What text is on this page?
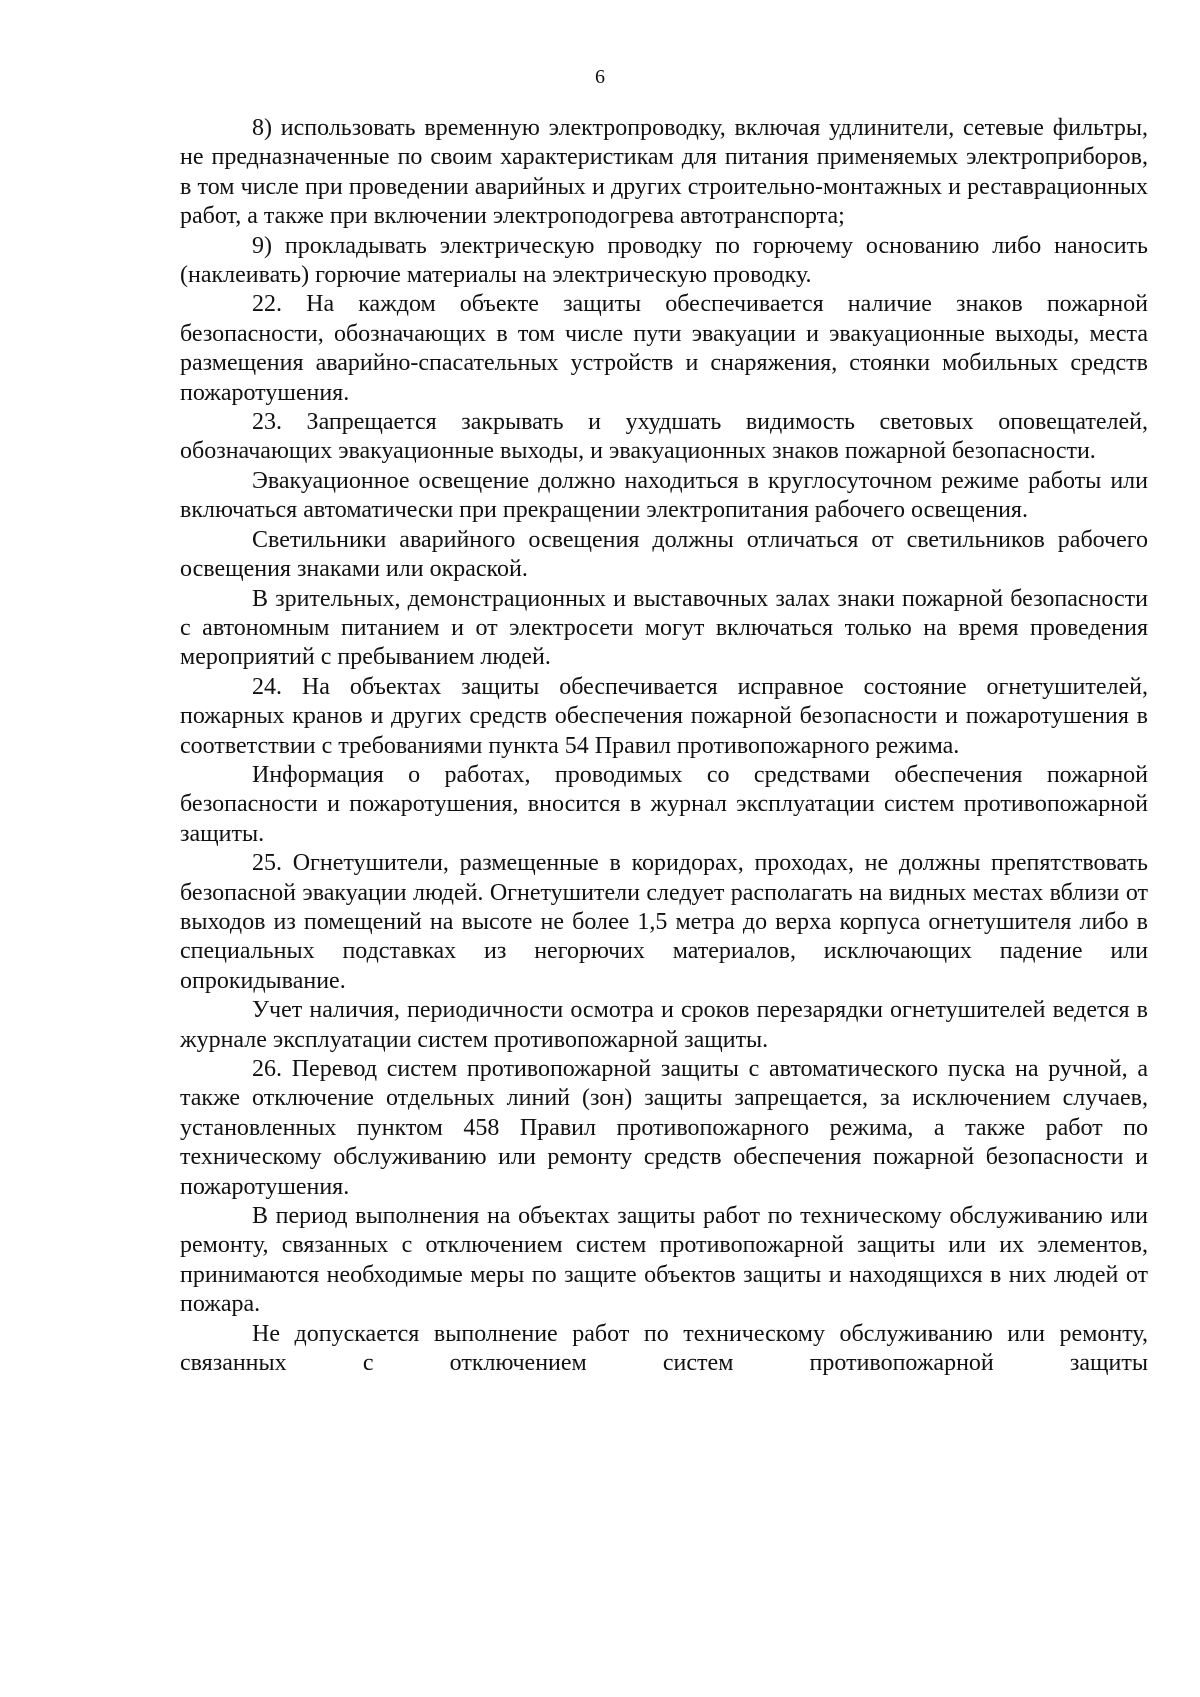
6

8) использовать временную электропроводку, включая удлинители, сетевые фильтры, не предназначенные по своим характеристикам для питания применяемых электроприборов, в том числе при проведении аварийных и других строительно-монтажных и реставрационных работ, а также при включении электроподогрева автотранспорта;

9) прокладывать электрическую проводку по горючему основанию либо наносить (наклеивать) горючие материалы на электрическую проводку.

22. На каждом объекте защиты обеспечивается наличие знаков пожарной безопасности, обозначающих в том числе пути эвакуации и эвакуационные выходы, места размещения аварийно-спасательных устройств и снаряжения, стоянки мобильных средств пожаротушения.

23. Запрещается закрывать и ухудшать видимость световых оповещателей, обозначающих эвакуационные выходы, и эвакуационных знаков пожарной безопасности.

Эвакуационное освещение должно находиться в круглосуточном режиме работы или включаться автоматически при прекращении электропитания рабочего освещения.

Светильники аварийного освещения должны отличаться от светильников рабочего освещения знаками или окраской.

В зрительных, демонстрационных и выставочных залах знаки пожарной безопасности с автономным питанием и от электросети могут включаться только на время проведения мероприятий с пребыванием людей.

24. На объектах защиты обеспечивается исправное состояние огнетушителей, пожарных кранов и других средств обеспечения пожарной безопасности и пожаротушения в соответствии с требованиями пункта 54 Правил противопожарного режима.

Информация о работах, проводимых со средствами обеспечения пожарной безопасности и пожаротушения, вносится в журнал эксплуатации систем противопожарной защиты.

25. Огнетушители, размещенные в коридорах, проходах, не должны препятствовать безопасной эвакуации людей. Огнетушители следует располагать на видных местах вблизи от выходов из помещений на высоте не более 1,5 метра до верха корпуса огнетушителя либо в специальных подставках из негорючих материалов, исключающих падение или опрокидывание.

Учет наличия, периодичности осмотра и сроков перезарядки огнетушителей ведется в журнале эксплуатации систем противопожарной защиты.

26. Перевод систем противопожарной защиты с автоматического пуска на ручной, а также отключение отдельных линий (зон) защиты запрещается, за исключением случаев, установленных пунктом 458 Правил противопожарного режима, а также работ по техническому обслуживанию или ремонту средств обеспечения пожарной безопасности и пожаротушения.

В период выполнения на объектах защиты работ по техническому обслуживанию или ремонту, связанных с отключением систем противопожарной защиты или их элементов, принимаются необходимые меры по защите объектов защиты и находящихся в них людей от пожара.

Не допускается выполнение работ по техническому обслуживанию или ремонту, связанных с отключением систем противопожарной защиты
